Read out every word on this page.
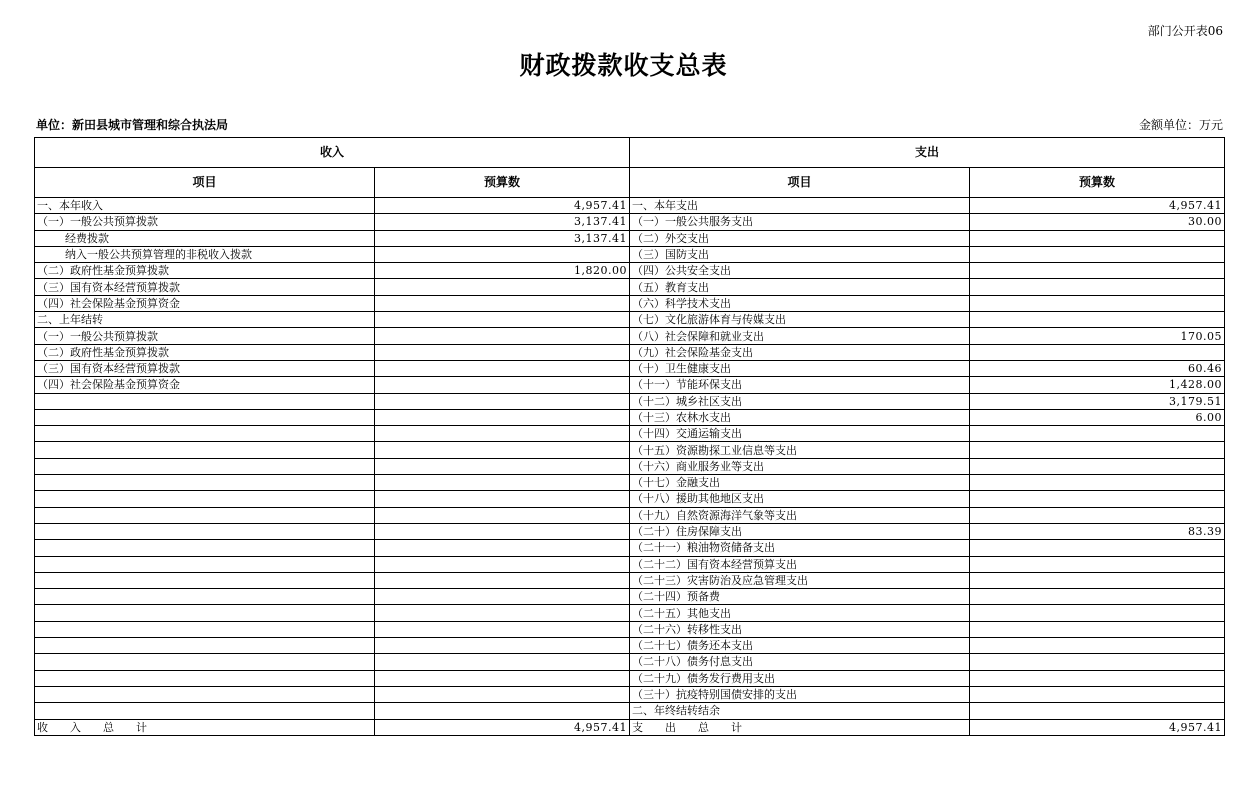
部门公开表06
财政拨款收支总表
单位：新田县城市管理和综合执法局	金额单位：万元
收入		支出	
项目	预算数	项目	预算数
一、本年收入	4,957.41	一、本年支出	4,957.41
（一）一般公共预算拨款	3,137.41	（一）一般公共服务支出	30.00
经费拨款	3,137.41	（二）外交支出	
纳入一般公共预算管理的非税收入拨款		（三）国防支出	
（二）政府性基金预算拨款	1,820.00	（四）公共安全支出	
（三）国有资本经营预算拨款		（五）教育支出	
（四）社会保险基金预算资金		（六）科学技术支出	
二、上年结转		（七）文化旅游体育与传媒支出	
（一）一般公共预算拨款		（八）社会保障和就业支出	170.05
（二）政府性基金预算拨款		（九）社会保险基金支出	
（三）国有资本经营预算拨款		（十）卫生健康支出	60.46
（四）社会保险基金预算资金		（十一）节能环保支出	1,428.00
		（十二）城乡社区支出	3,179.51
		（十三）农林水支出	6.00
		（十四）交通运输支出	
		（十五）资源勘探工业信息等支出	
		（十六）商业服务业等支出	
		（十七）金融支出	
		（十八）援助其他地区支出	
		（十九）自然资源海洋气象等支出	
		（二十）住房保障支出	83.39
		（二十一）粮油物资储备支出	
		（二十二）国有资本经营预算支出	
		（二十三）灾害防治及应急管理支出	
		（二十四）预备费	
		（二十五）其他支出	
		（二十六）转移性支出	
		（二十七）债务还本支出	
		（二十八）债务付息支出	
		（二十九）债务发行费用支出	
		（三十）抗疫特别国债安排的支出	
		二、年终结转结余	
收　　入　　总　　计	4,957.41	支　　出　　总　　计	4,957.41
